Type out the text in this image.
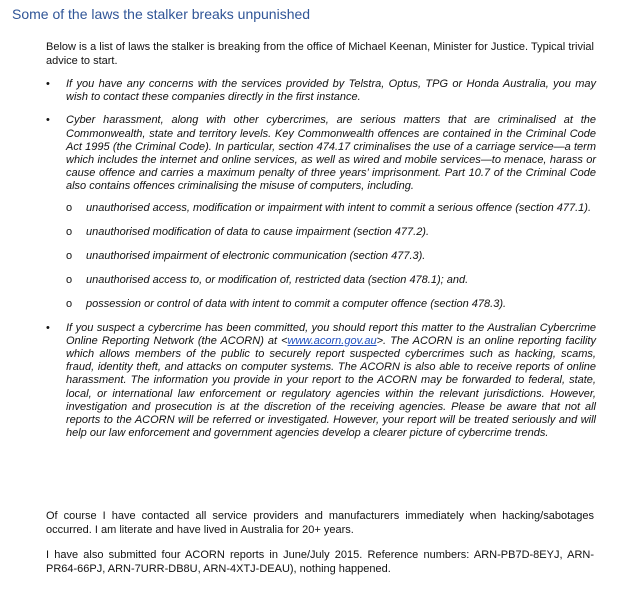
Some of the laws the stalker breaks unpunished

Below is a list of laws the stalker is breaking from the office of Michael Keenan, Minister for Justice. Typical trivial advice to start.

• If you have any concerns with the services provided by Telstra, Optus, TPG or Honda Australia, you may wish to contact these companies directly in the first instance.
• Cyber harassment, along with other cybercrimes, are serious matters that are criminalised at the Commonwealth, state and territory levels. Key Commonwealth offences are contained in the Criminal Code Act 1995 (the Criminal Code). In particular, section 474.17 criminalises the use of a carriage service—a term which includes the internet and online services, as well as wired and mobile services—to menace, harass or cause offence and carries a maximum penalty of three years’ imprisonment. Part 10.7 of the Criminal Code also contains offences criminalising the misuse of computers, including.
o unauthorised access, modification or impairment with intent to commit a serious offence (section 477.1).
o unauthorised modification of data to cause impairment (section 477.2).
o unauthorised impairment of electronic communication (section 477.3).
o unauthorised access to, or modification of, restricted data (section 478.1); and.
o possession or control of data with intent to commit a computer offence (section 478.3).
• If you suspect a cybercrime has been committed, you should report this matter to the Australian Cybercrime Online Reporting Network (the ACORN) at <www.acorn.gov.au>. The ACORN is an online reporting facility which allows members of the public to securely report suspected cybercrimes such as hacking, scams, fraud, identity theft, and attacks on computer systems. The ACORN is also able to receive reports of online harassment. The information you provide in your report to the ACORN may be forwarded to federal, state, local, or international law enforcement or regulatory agencies within the relevant jurisdictions. However, investigation and prosecution is at the discretion of the receiving agencies. Please be aware that not all reports to the ACORN will be referred or investigated. However, your report will be treated seriously and will help our law enforcement and government agencies develop a clearer picture of cybercrime trends.

Of course I have contacted all service providers and manufacturers immediately when hacking/sabotages occurred. I am literate and have lived in Australia for 20+ years.

I have also submitted four ACORN reports in June/July 2015. Reference numbers: ARN-PB7D-8EYJ, ARN-PR64-66PJ, ARN-7URR-DB8U, ARN-4XTJ-DEAU), nothing happened.
